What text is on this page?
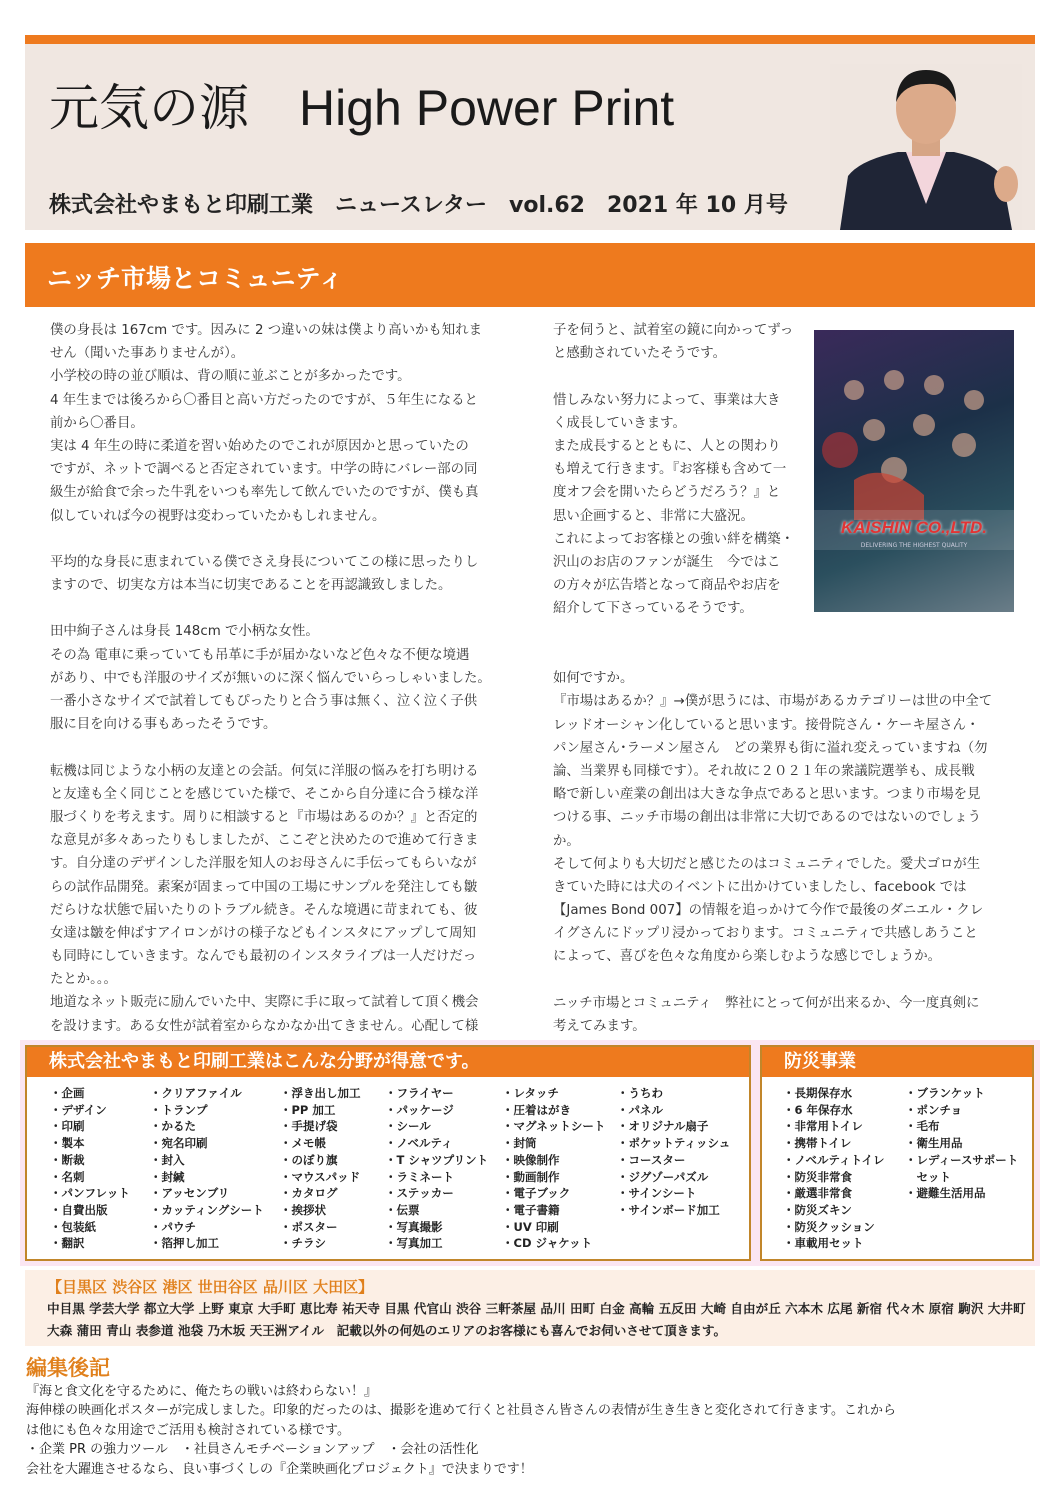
元気の源　High Power Print
株式会社やまもと印刷工業　ニュースレター　vol.62　2021 年 10 月号
ニッチ市場とコミュニティ
僕の身長は 167cm です。因みに 2 つ違いの妹は僕より高いかも知れま
せん（聞いた事ありませんが）。
小学校の時の並び順は、背の順に並ぶことが多かったです。
4 年生までは後ろから〇番目と高い方だったのですが、５年生になると
前から〇番目。
実は 4 年生の時に柔道を習い始めたのでこれが原因かと思っていたの
ですが、ネットで調べると否定されています。中学の時にバレー部の同
級生が給食で余った牛乳をいつも率先して飲んでいたのですが、僕も真
似していれば今の視野は変わっていたかもしれません。
平均的な身長に恵まれている僕でさえ身長についてこの様に思ったりし
ますので、切実な方は本当に切実であることを再認識致しました。
田中絢子さんは身長 148cm で小柄な女性。
その為 電車に乗っていても吊革に手が届かないなど色々な不便な境遇
があり、中でも洋服のサイズが無いのに深く悩んでいらっしゃいました。
一番小さなサイズで試着してもぴったりと合う事は無く、泣く泣く子供
服に目を向ける事もあったそうです。
転機は同じような小柄の友達との会話。何気に洋服の悩みを打ち明ける
と友達も全く同じことを感じていた様で、そこから自分達に合う様な洋
服づくりを考えます。周りに相談すると『市場はあるのか？』と否定的
な意見が多々あったりもしましたが、ここぞと決めたので進めて行きま
す。自分達のデザインした洋服を知人のお母さんに手伝ってもらいなが
らの試作品開発。素案が固まって中国の工場にサンプルを発注しても皺
だらけな状態で届いたりのトラブル続き。そんな境遇に苛まれても、彼
女達は皺を伸ばすアイロンがけの様子などもインスタにアップして周知
も同時にしていきます。なんでも最初のインスタライブは一人だけだっ
たとか。。。
地道なネット販売に励んでいた中、実際に手に取って試着して頂く機会
を設けます。ある女性が試着室からなかなか出てきません。心配して様
子を伺うと、試着室の鏡に向かってずっ
と感動されていたそうです。
惜しみない努力によって、事業は大き
く成長していきます。
また成長するとともに、人との関わり
も増えて行きます。『お客様も含めて一
度オフ会を開いたらどうだろう？』と
思い企画すると、非常に大盛況。
これによってお客様との強い絆を構築・
沢山のお店のファンが誕生　今ではこ
の方々が広告塔となって商品やお店を
紹介して下さっているそうです。
如何ですか。
『市場はあるか？』→僕が思うには、市場があるカテゴリーは世の中全て
レッドオーシャン化していると思います。接骨院さん・ケーキ屋さん・
パン屋さん･ラーメン屋さん　どの業界も街に溢れ変えっていますね（勿
論、当業界も同様です）。それ故に２０２１年の衆議院選挙も、成長戦
略で新しい産業の創出は大きな争点であると思います。つまり市場を見
つける事、ニッチ市場の創出は非常に大切であるのではないのでしょう
か。
そして何よりも大切だと感じたのはコミュニティでした。愛犬ゴロが生
きていた時には犬のイベントに出かけていましたし、facebook では
【James Bond 007】の情報を追っかけて今作で最後のダニエル・クレ
イグさんにドップリ浸かっております。コミュニティで共感しあうこと
によって、喜びを色々な角度から楽しむような感じでしょうか。
ニッチ市場とコミュニティ　弊社にとって何が出来るか、今一度真剣に
考えてみます。
KAISHIN CO.,LTD.
DELIVERING THE HIGHEST QUALITY
株式会社やまもと印刷工業はこんな分野が得意です。
・企画
・デザイン
・印刷
・製本
・断裁
・名刺
・パンフレット
・自費出版
・包装紙
・翻訳
・クリアファイル
・トランプ
・かるた
・宛名印刷
・封入
・封緘
・アッセンブリ
・カッティングシート
・パウチ
・箔押し加工
・浮き出し加工
・PP 加工
・手提げ袋
・メモ帳
・のぼり旗
・マウスパッド
・カタログ
・挨拶状
・ポスター
・チラシ
・フライヤー
・パッケージ
・シール
・ノベルティ
・T シャツプリント
・ラミネート
・ステッカー
・伝票
・写真撮影
・写真加工
・レタッチ
・圧着はがき
・マグネットシート
・封筒
・映像制作
・動画制作
・電子ブック
・電子書籍
・UV 印刷
・CD ジャケット
・うちわ
・パネル
・オリジナル扇子
・ポケットティッシュ
・コースター
・ジグゾーパズル
・サインシート
・サインボード加工
防災事業
・長期保存水
・6 年保存水
・非常用トイレ
・携帯トイレ
・ノベルティトイレ
・防災非常食
・厳選非常食
・防災ズキン
・防災クッション
・車載用セット
・ブランケット
・ポンチョ
・毛布
・衛生用品
・レディースサポート
　セット
・避難生活用品
【目黒区 渋谷区 港区 世田谷区 品川区 大田区】
中目黒 学芸大学 都立大学 上野 東京 大手町 恵比寿 祐天寺 目黒 代官山 渋谷 三軒茶屋 品川 田町 白金 高輪 五反田 大崎 自由が丘 六本木 広尾 新宿 代々木 原宿 駒沢 大井町 大森 蒲田 青山 表参道 池袋 乃木坂 天王洲アイル　記載以外の何処のエリアのお客様にも喜んでお伺いさせて頂きます。
編集後記
『海と食文化を守るために、俺たちの戦いは終わらない！』
海伸様の映画化ポスターが完成しました。印象的だったのは、撮影を進めて行くと社員さん皆さんの表情が生き生きと変化されて行きます。これから
は他にも色々な用途でご活用も検討されている様です。
・企業 PR の強力ツール　・社員さんモチベーションアップ　・会社の活性化
会社を大躍進させるなら、良い事づくしの『企業映画化プロジェクト』で決まりです！
